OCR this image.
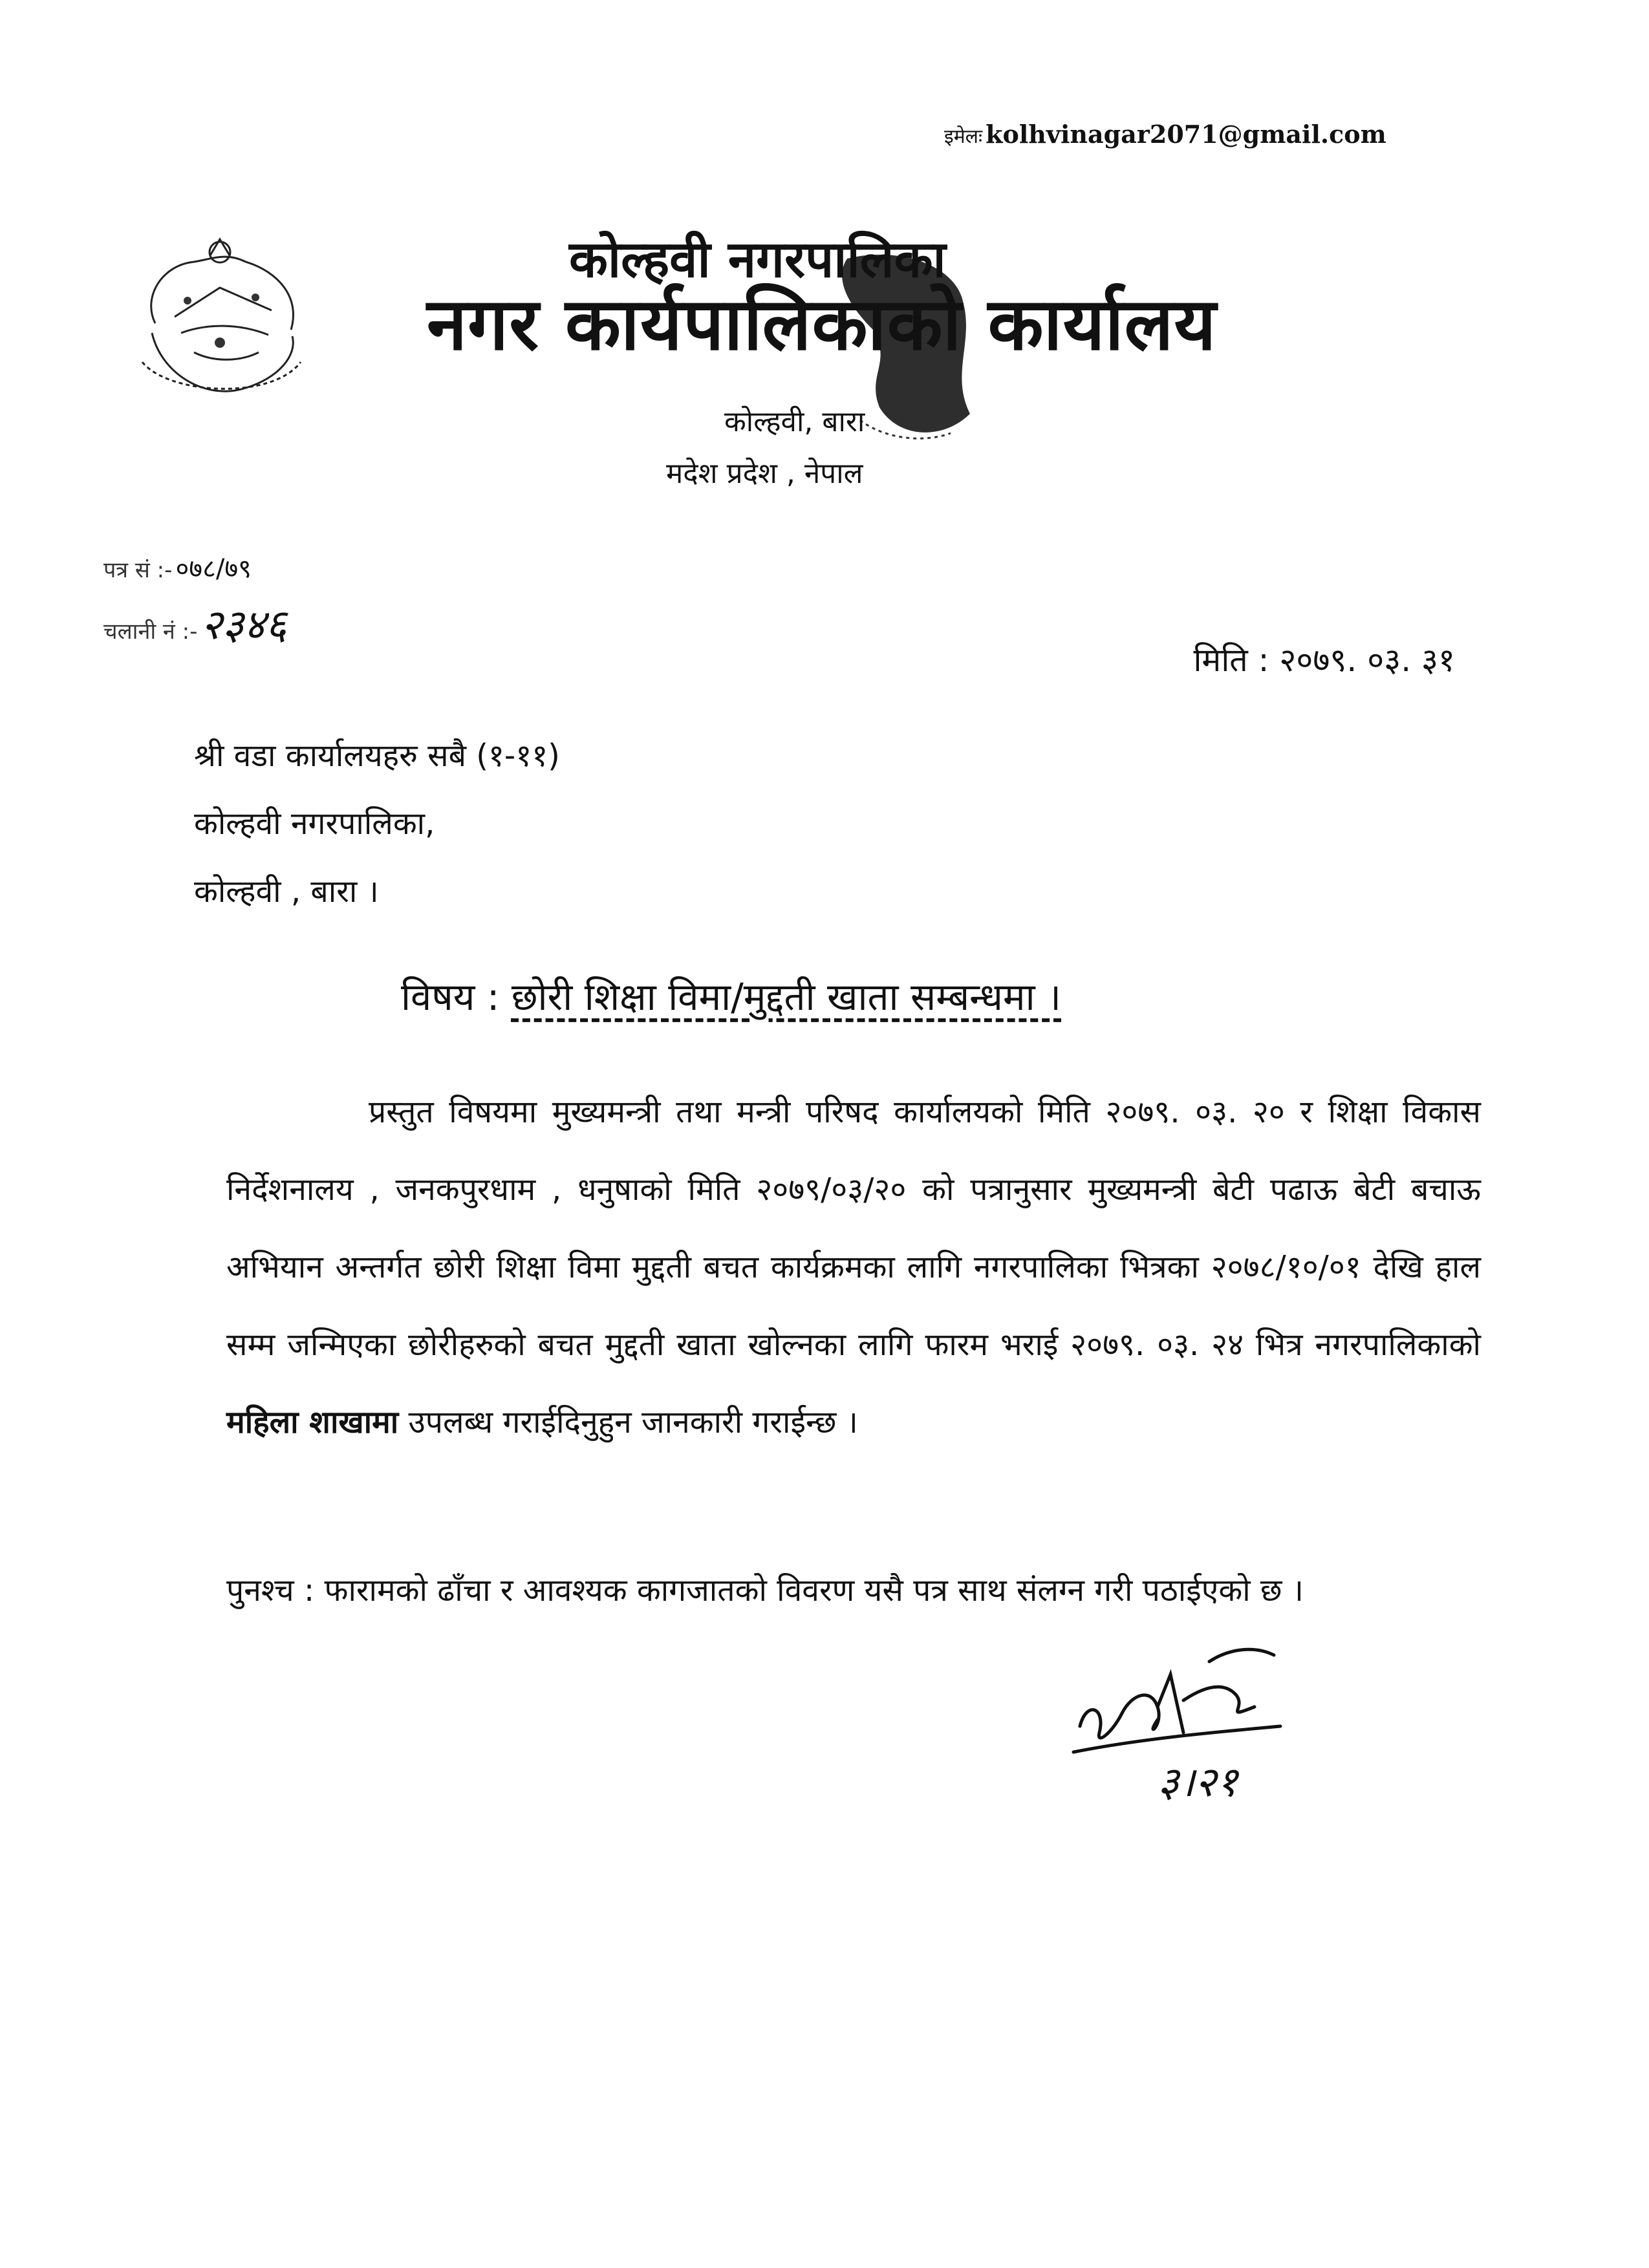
इमेलः kolhvinagar2071@gmail.com
कोल्हवी नगरपालिका
नगर कार्यपालिकाको कार्यालय
कोल्हवी, बारा
मदेश प्रदेश , नेपाल
पत्र सं :- ०७८/७९
चलानी नं :- २३४६
मिति : २०७९. ०३. ३१
श्री वडा कार्यालयहरु सबै (१-११)
कोल्हवी नगरपालिका,
कोल्हवी , बारा ।
विषय : छोरी शिक्षा विमा/मुद्दती खाता सम्बन्धमा ।
प्रस्तुत विषयमा मुख्यमन्त्री तथा मन्त्री परिषद कार्यालयको मिति २०७९. ०३. २० र शिक्षा विकास निर्देशनालय , जनकपुरधाम , धनुषाको मिति २०७९/०३/२० को पत्रानुसार मुख्यमन्त्री बेटी पढाऊ बेटी बचाऊ अभियान अन्तर्गत छोरी शिक्षा विमा मुद्दती बचत कार्यक्रमका लागि नगरपालिका भित्रका २०७८/१०/०१ देखि हाल सम्म जन्मिएका छोरीहरुको बचत मुद्दती खाता खोल्नका लागि फारम भराई २०७९. ०३. २४ भित्र नगरपालिकाको महिला शाखामा उपलब्ध गराईदिनुहुन जानकारी गराईन्छ ।
पुनश्च : फारामको ढाँचा र आवश्यक कागजातको विवरण यसै पत्र साथ संलग्न गरी पठाईएको छ ।
३।२१
